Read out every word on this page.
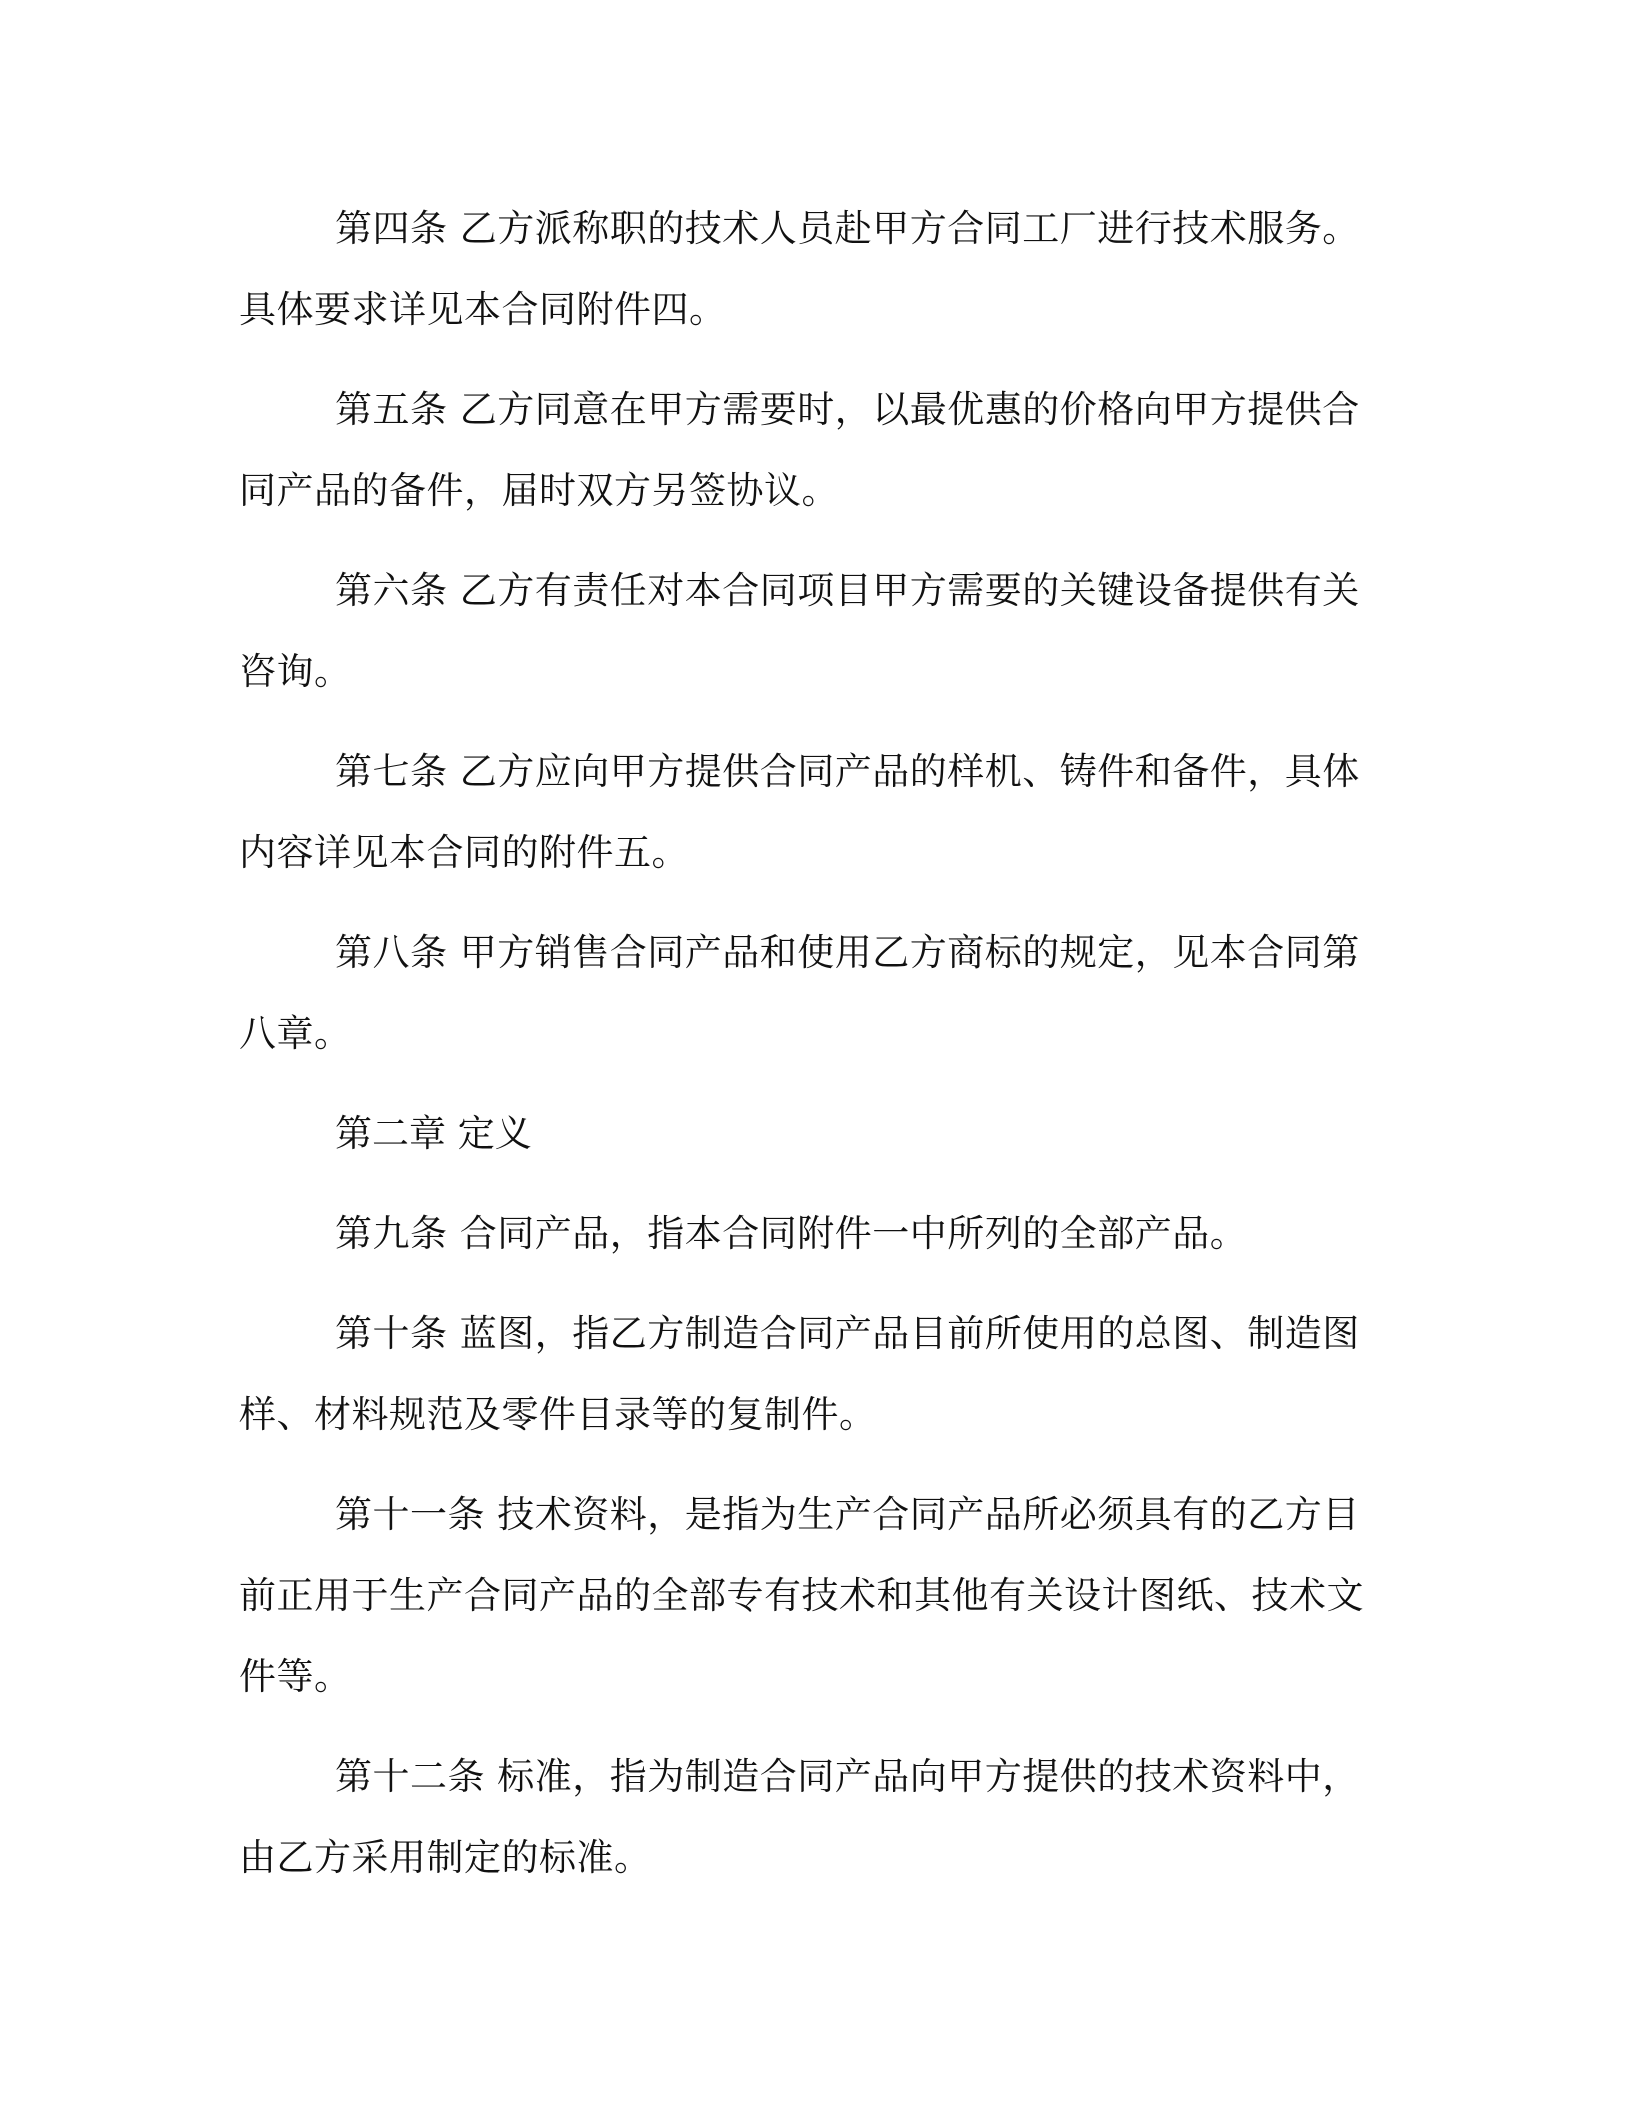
第四条 乙方派称职的技术人员赴甲方合同工厂进行技术服务。具体要求详见本合同附件四。

第五条 乙方同意在甲方需要时，以最优惠的价格向甲方提供合同产品的备件，届时双方另签协议。

第六条 乙方有责任对本合同项目甲方需要的关键设备提供有关咨询。

第七条 乙方应向甲方提供合同产品的样机、铸件和备件，具体内容详见本合同的附件五。

第八条 甲方销售合同产品和使用乙方商标的规定，见本合同第八章。

第二章 定义

第九条 合同产品，指本合同附件一中所列的全部产品。

第十条 蓝图，指乙方制造合同产品目前所使用的总图、制造图样、材料规范及零件目录等的复制件。

第十一条 技术资料，是指为生产合同产品所必须具有的乙方目前正用于生产合同产品的全部专有技术和其他有关设计图纸、技术文件等。

第十二条 标准，指为制造合同产品向甲方提供的技术资料中，由乙方采用制定的标准。
